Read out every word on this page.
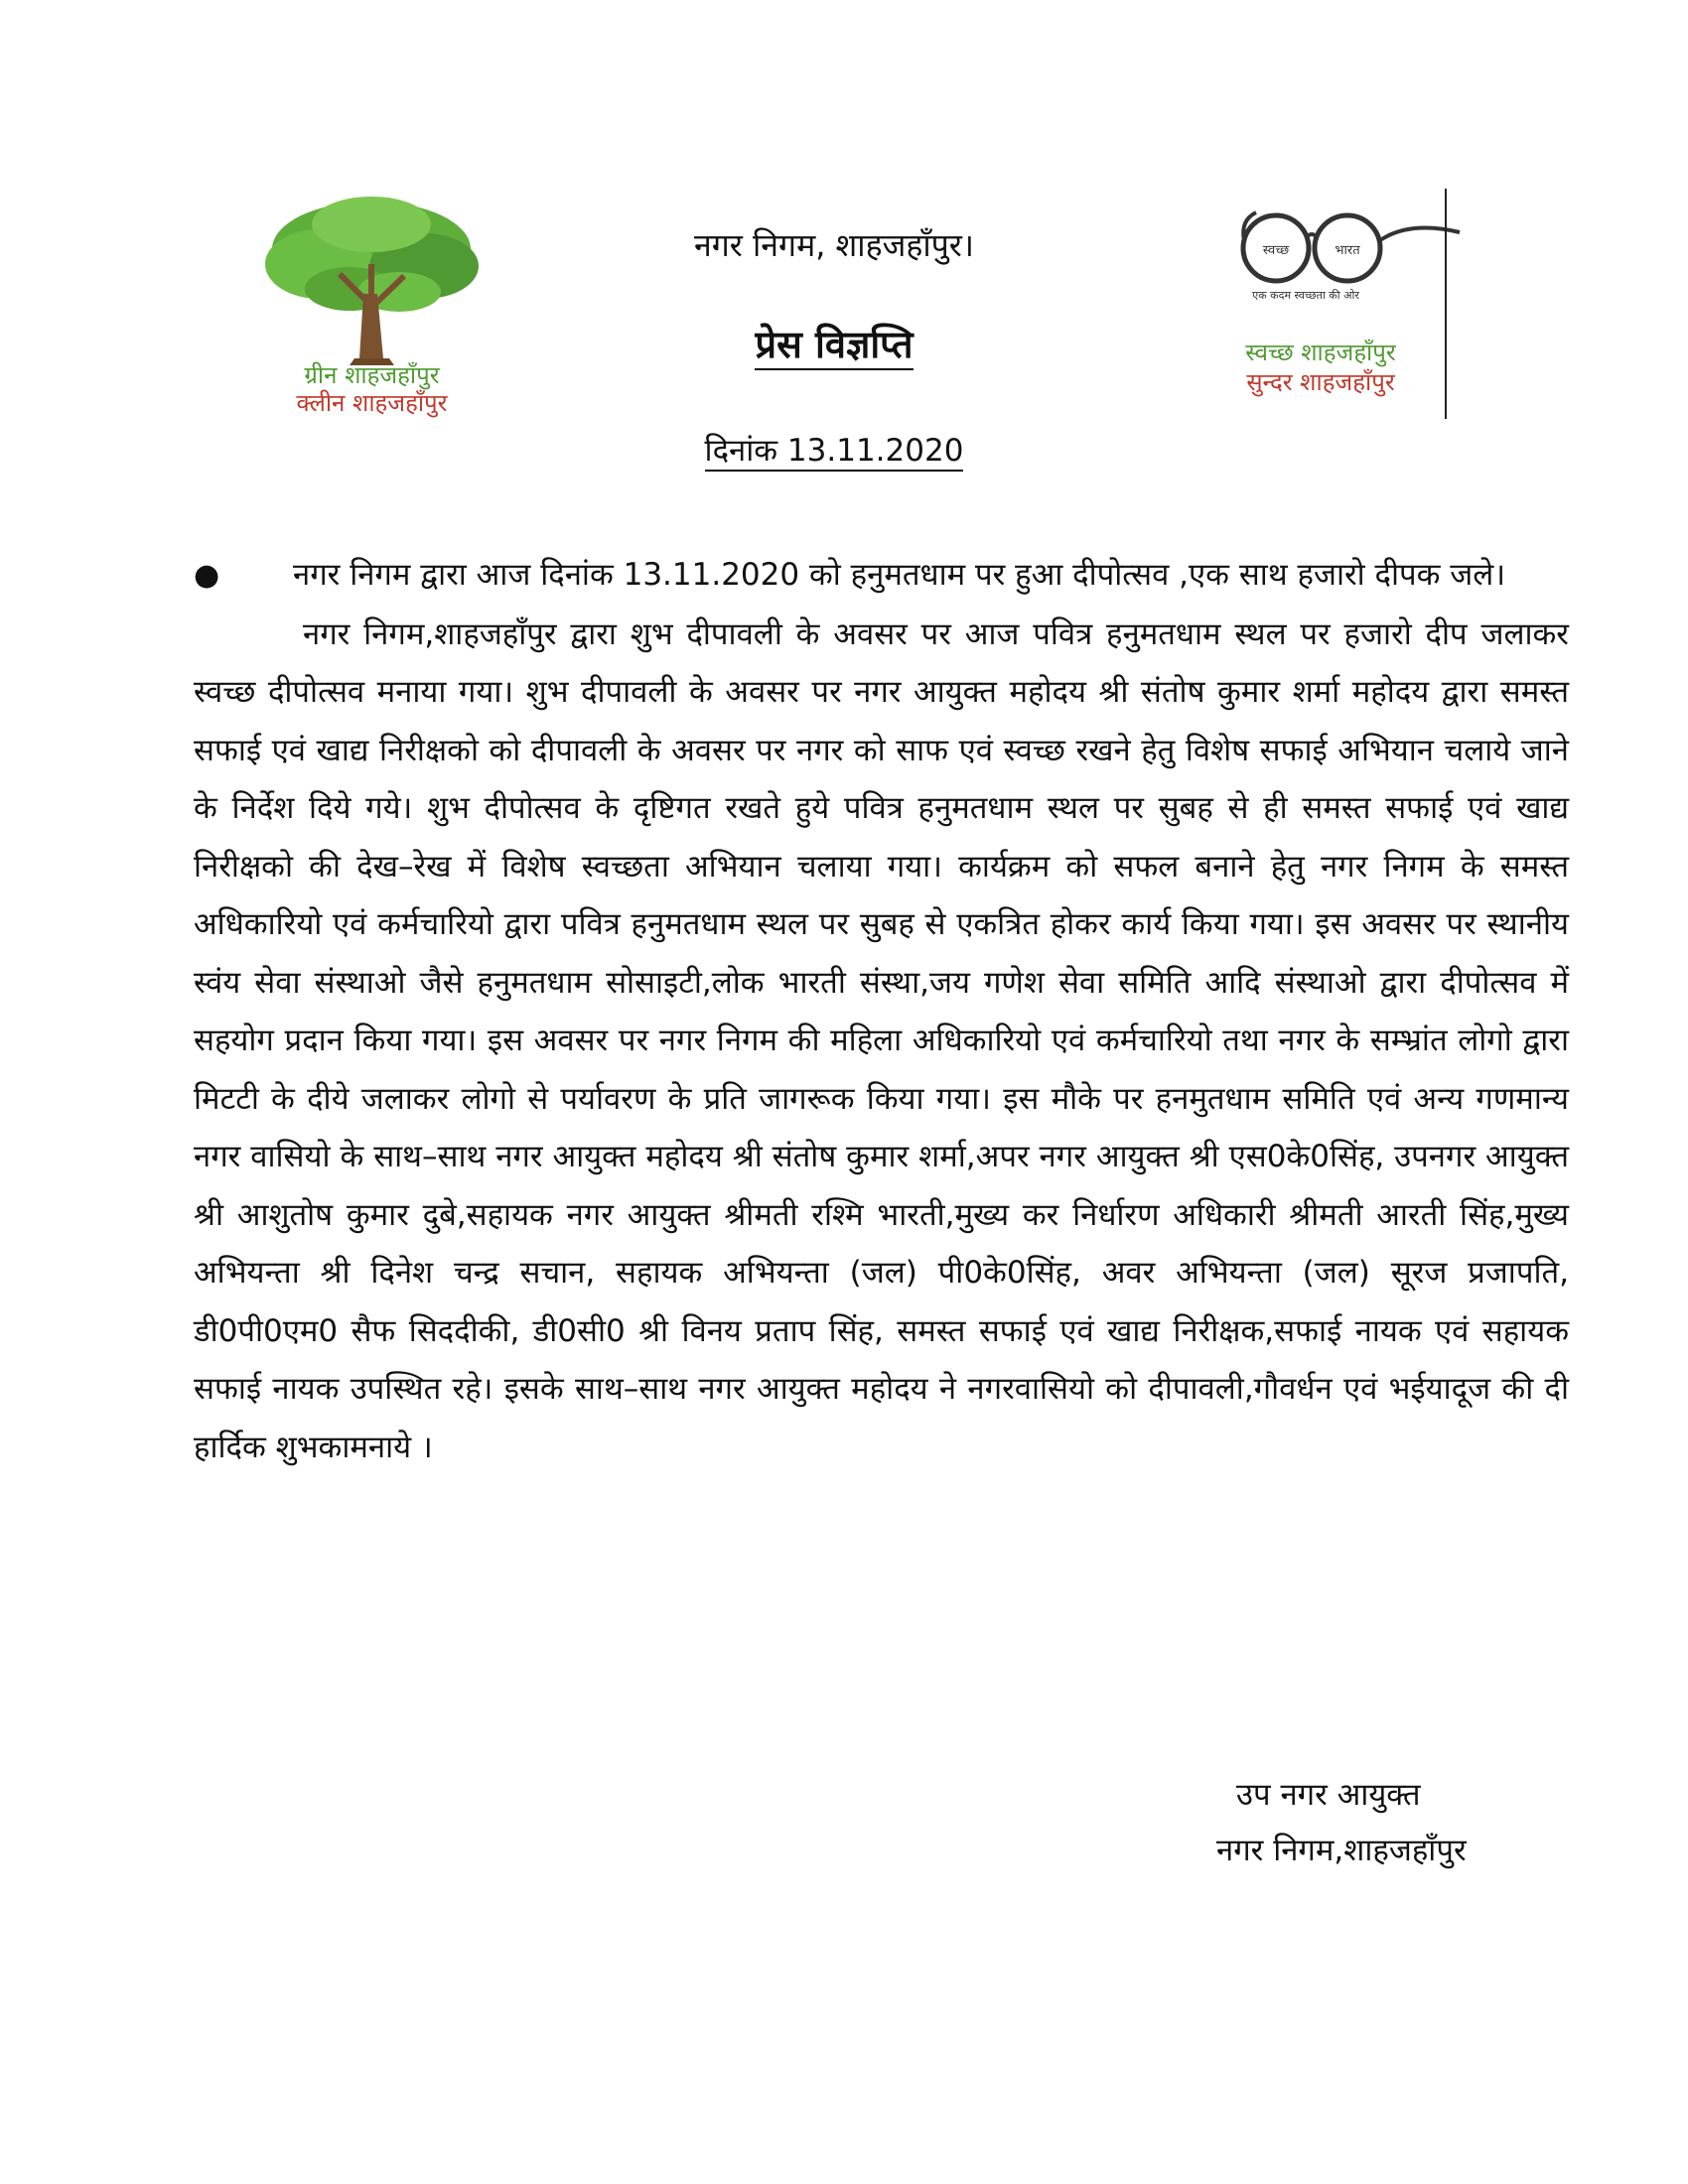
ग्रीन शाहजहाँपुर
क्लीन शाहजहाँपुर
नगर निगम, शाहजहाँपुर।
प्रेस विज्ञप्ति
दिनांक 13.11.2020
स्वच्छ	भारत
एक कदम स्वच्छता की ओर
स्वच्छ शाहजहाँपुर
सुन्दर शाहजहाँपुर

● नगर निगम द्वारा आज दिनांक 13.11.2020 को हनुमतधाम पर हुआ दीपोत्सव ,एक साथ हजारो दीपक जले।

नगर निगम,शाहजहाँपुर द्वारा शुभ दीपावली के अवसर पर आज पवित्र हनुमतधाम स्थल पर हजारो दीप जलाकर स्वच्छ दीपोत्सव मनाया गया। शुभ दीपावली के अवसर पर नगर आयुक्त महोदय श्री संतोष कुमार शर्मा महोदय द्वारा समस्त सफाई एवं खाद्य निरीक्षको को दीपावली के अवसर पर नगर को साफ एवं स्वच्छ रखने हेतु विशेष सफाई अभियान चलाये जाने के निर्देश दिये गये। शुभ दीपोत्सव के दृष्टिगत रखते हुये पवित्र हनुमतधाम स्थल पर सुबह से ही समस्त सफाई एवं खाद्य निरीक्षको की देख–रेख में विशेष स्वच्छता अभियान चलाया गया। कार्यक्रम को सफल बनाने हेतु नगर निगम के समस्त अधिकारियो एवं कर्मचारियो द्वारा पवित्र हनुमतधाम स्थल पर सुबह से एकत्रित होकर कार्य किया गया। इस अवसर पर स्थानीय स्वंय सेवा संस्थाओ जैसे हनुमतधाम सोसाइटी,लोक भारती संस्था,जय गणेश सेवा समिति आदि संस्थाओ द्वारा दीपोत्सव में सहयोग प्रदान किया गया। इस अवसर पर नगर निगम की महिला अधिकारियो एवं कर्मचारियो तथा नगर के सम्भ्रांत लोगो द्वारा मिटटी के दीये जलाकर लोगो से पर्यावरण के प्रति जागरूक किया गया। इस मौके पर हनमुतधाम समिति एवं अन्य गणमान्य नगर वासियो के साथ–साथ नगर आयुक्त महोदय श्री संतोष कुमार शर्मा,अपर नगर आयुक्त श्री एस0के0सिंह, उपनगर आयुक्त श्री आशुतोष कुमार दुबे,सहायक नगर आयुक्त श्रीमती रश्मि भारती,मुख्य कर निर्धारण अधिकारी श्रीमती आरती सिंह,मुख्य अभियन्ता श्री दिनेश चन्द्र सचान, सहायक अभियन्ता (जल) पी0के0सिंह, अवर अभियन्ता (जल) सूरज प्रजापति, डी0पी0एम0 सैफ सिददीकी, डी0सी0 श्री विनय प्रताप सिंह, समस्त सफाई एवं खाद्य निरीक्षक,सफाई नायक एवं सहायक सफाई नायक उपस्थित रहे। इसके साथ–साथ नगर आयुक्त महोदय ने नगरवासियो को दीपावली,गौवर्धन एवं भईयादूज की दी हार्दिक शुभकामनाये ।

उप नगर आयुक्त
नगर निगम,शाहजहाँपुर
